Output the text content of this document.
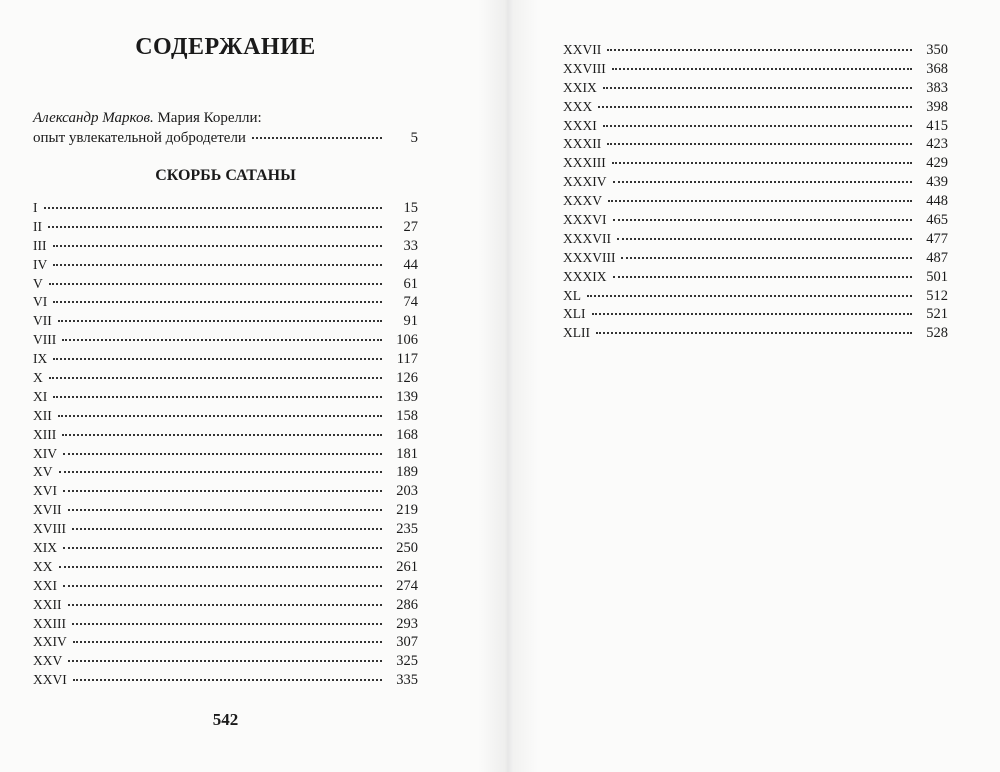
СОДЕРЖАНИЕ
Александр Марков. Мария Корелли:
опыт увлекательной добродетели	5
СКОРБЬ САТАНЫ
I	15
II	27
III	33
IV	44
V	61
VI	74
VII	91
VIII	106
IX	117
X	126
XI	139
XII	158
XIII	168
XIV	181
XV	189
XVI	203
XVII	219
XVIII	235
XIX	250
XX	261
XXI	274
XXII	286
XXIII	293
XXIV	307
XXV	325
XXVI	335
542
XXVII	350
XXVIII	368
XXIX	383
XXX	398
XXXI	415
XXXII	423
XXXIII	429
XXXIV	439
XXXV	448
XXXVI	465
XXXVII	477
XXXVIII	487
XXXIX	501
XL	512
XLI	521
XLII	528
